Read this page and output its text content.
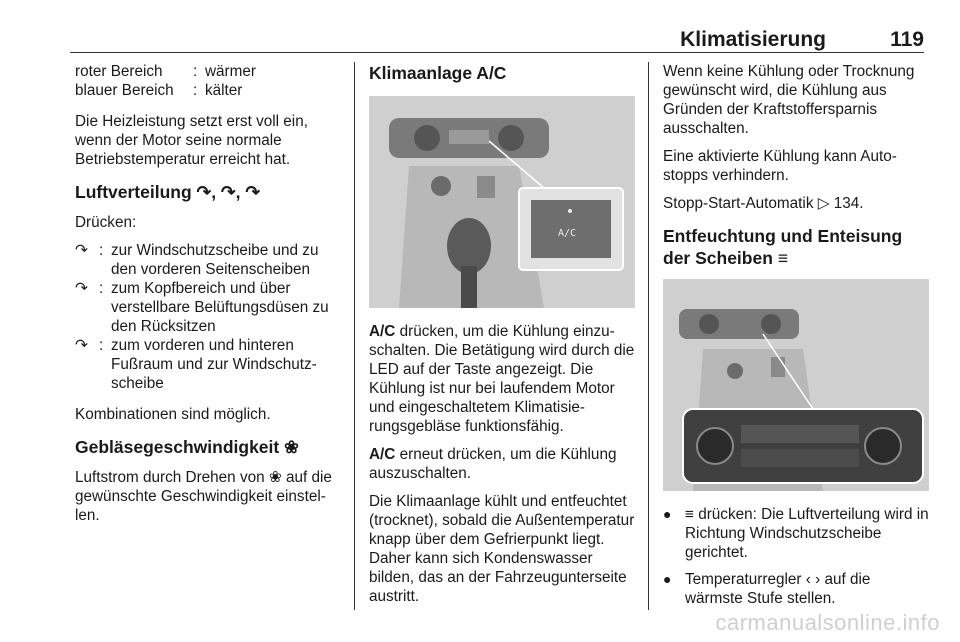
Klimatisierung	119
roter Bereich	: wärmer
blauer Bereich	: kälter

Die Heizleistung setzt erst voll ein, wenn der Motor seine normale Betriebstemperatur erreicht hat.

Luftverteilung ↷, ↷, ↷

Drücken:

↷ : zur Windschutzscheibe und zu den vorderen Seitenscheiben
↷ : zum Kopfbereich und über verstellbare Belüftungsdüsen zu den Rücksitzen
↷ : zum vorderen und hinteren Fußraum und zur Windschutzscheibe

Kombinationen sind möglich.

Gebläsegeschwindigkeit ❀

Luftstrom durch Drehen von ❀ auf die gewünschte Geschwindigkeit einstellen.

Klimaanlage A/C
A/C

A/C drücken, um die Kühlung einzuschalten. Die Betätigung wird durch die LED auf der Taste angezeigt. Die Kühlung ist nur bei laufendem Motor und eingeschaltetem Klimatisierungsgebläse funktionsfähig.

A/C erneut drücken, um die Kühlung auszuschalten.

Die Klimaanlage kühlt und entfeuchtet (trocknet), sobald die Außentemperatur knapp über dem Gefrierpunkt liegt. Daher kann sich Kondenswasser bilden, das an der Fahrzeugunterseite austritt.

Wenn keine Kühlung oder Trocknung gewünscht wird, die Kühlung aus Gründen der Kraftstoffersparnis ausschalten.

Eine aktivierte Kühlung kann Autostopps verhindern.

Stopp-Start-Automatik ▷ 134.

Entfeuchtung und Enteisung der Scheiben ≡
● ≡ drücken: Die Luftverteilung wird in Richtung Windschutzscheibe gerichtet.
● Temperaturregler ‹ › auf die wärmste Stufe stellen.
carmanualsonline.info
